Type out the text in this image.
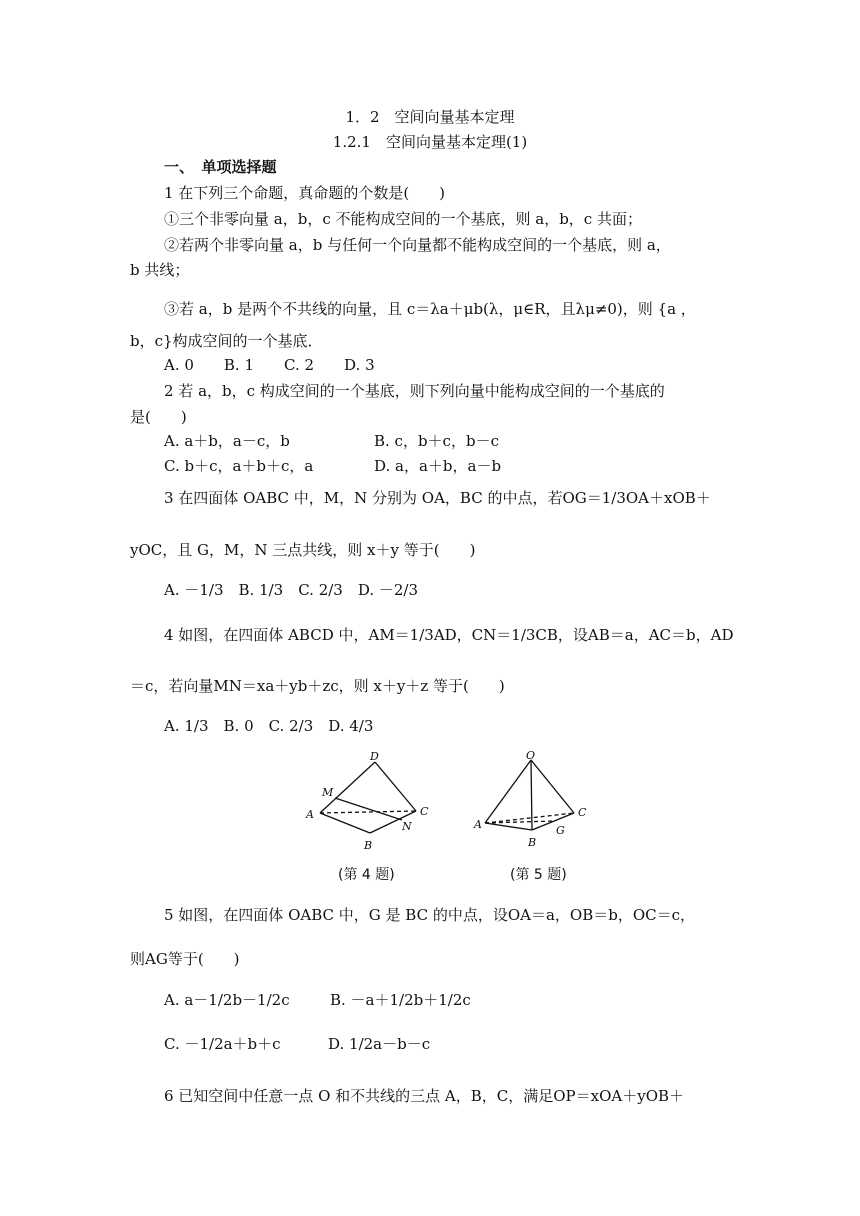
1．2　空间向量基本定理
1.2.1　空间向量基本定理(1)
一、　单项选择题
1 在下列三个命题，真命题的个数是(　　)
①三个非零向量 a，b，c 不能构成空间的一个基底，则 a，b，c 共面；
②若两个非零向量 a，b 与任何一个向量都不能构成空间的一个基底，则 a，
b 共线；
③若 a，b 是两个不共线的向量，且 c＝λa＋μb(λ，μ∈R，且λμ≠0)，则 {a ，
b，c}构成空间的一个基底．
A. 0　　B. 1　　C. 2　　D. 3
2 若 a，b，c 构成空间的一个基底，则下列向量中能构成空间的一个基底的
是(　　)
A. a＋b，a－c，b	B. c，b＋c，b－c
C. b＋c，a＋b＋c，a	D. a，a＋b，a－b
3 在四面体 OABC 中，M，N 分别为 OA，BC 的中点，若OG＝1/3OA＋xOB＋
yOC，且 G，M，N 三点共线，则 x＋y 等于(　　)
A. －1/3　B. 1/3　C. 2/3　D. －2/3
4 如图，在四面体 ABCD 中，AM＝1/3AD，CN＝1/3CB，设AB＝a，AC＝b，AD
＝c，若向量MN＝xa＋yb＋zc，则 x＋y＋z 等于(　　)
A. 1/3　B. 0　C. 2/3　D. 4/3
D
M
A	C
N
B
O
A
C
G
B
(第 4 题)	(第 5 题)
5 如图，在四面体 OABC 中，G 是 BC 的中点，设OA＝a，OB＝b，OC＝c，
则AG等于(　　)
A. a－1/2b－1/2c	B. －a＋1/2b＋1/2c
C. －1/2a＋b＋c	D. 1/2a－b－c
6 已知空间中任意一点 O 和不共线的三点 A，B，C，满足OP＝xOA＋yOB＋
